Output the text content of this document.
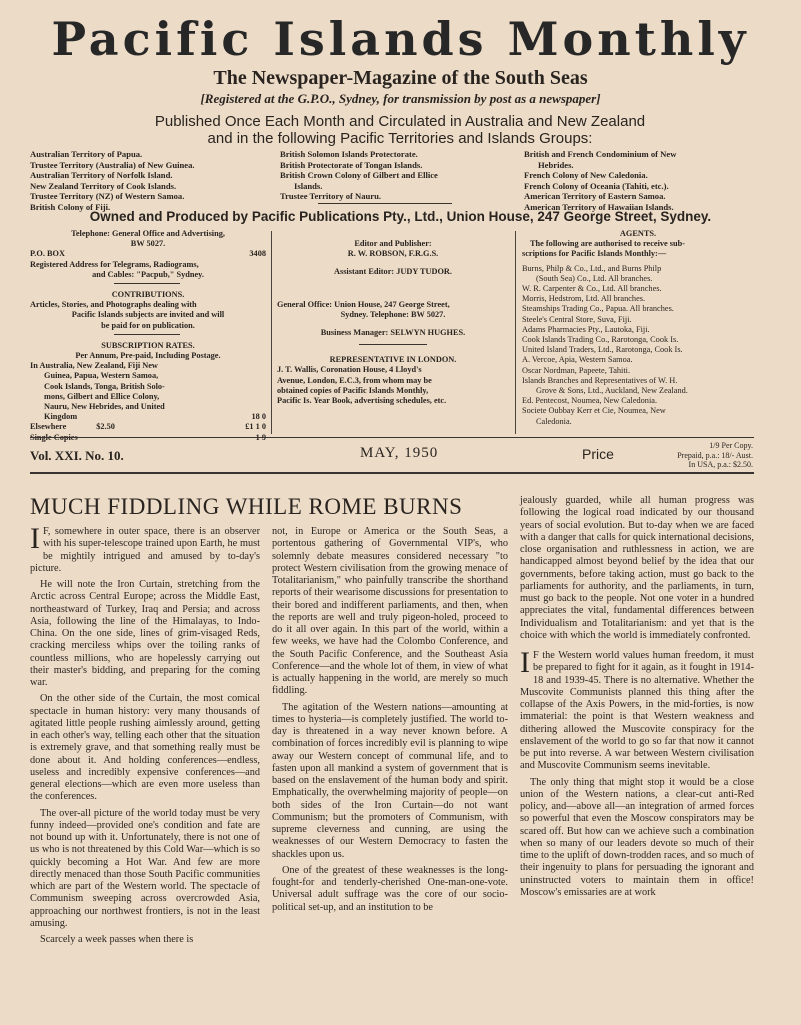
Pacific Islands Monthly
The Newspaper-Magazine of the South Seas
[Registered at the G.P.O., Sydney, for transmission by post as a newspaper]
Published Once Each Month and Circulated in Australia and New Zealand
and in the following Pacific Territories and Islands Groups:
Australian Territory of Papua.
Trustee Territory (Australia) of New Guinea.
Australian Territory of Norfolk Island.
New Zealand Territory of Cook Islands.
Trustee Territory (NZ) of Western Samoa.
British Colony of Fiji.
British Solomon Islands Protectorate.
British Protectorate of Tongan Islands.
British Crown Colony of Gilbert and Ellice
Islands.
Trustee Territory of Nauru.
British and French Condominium of New
Hebrides.
French Colony of New Caledonia.
French Colony of Oceania (Tahiti, etc.).
American Territory of Eastern Samoa.
American Territory of Hawaiian Islands.
Owned and Produced by Pacific Publications Pty., Ltd., Union House, 247 George Street, Sydney.
Telephone: General Office and Advertising,
BW 5027.
P.O. BOX	3408
Registered Address for Telegrams, Radiograms,
and Cables: "Pacpub," Sydney.
CONTRIBUTIONS.
Articles, Stories, and Photographs dealing with
Pacific Islands subjects are invited and will
be paid for on publication.
SUBSCRIPTION RATES.
Per Annum, Pre-paid, Including Postage.
In Australia, New Zealand, Fiji New
Guinea, Papua, Western Samoa,
Cook Islands, Tonga, British Solo-
mons, Gilbert and Ellice Colony,
Nauru, New Hebrides, and United
Kingdom	18 0
Elsewhere	$2.50	£1 1 0
Editor and Publisher:
R. W. ROBSON, F.R.G.S.
Assistant Editor: JUDY TUDOR.
General Office: Union House, 247 George Street,
Sydney. Telephone: BW 5027.
Business Manager: SELWYN HUGHES.
REPRESENTATIVE IN LONDON.
J. T. Wallis, Coronation House, 4 Lloyd's
Avenue, London, E.C.3, from whom may be
obtained copies of Pacific Islands Monthly,
Pacific Is. Year Book, advertising schedules, etc.
AGENTS.
The following are authorised to receive sub-
scriptions for Pacific Islands Monthly:—
Burns, Philp & Co., Ltd., and Burns Philp
(South Sea) Co., Ltd. All branches.
W. R. Carpenter & Co., Ltd. All branches.
Morris, Hedstrom, Ltd. All branches.
Steamships Trading Co., Papua. All branches.
Steele's Central Store, Suva, Fiji.
Adams Pharmacies Pty., Lautoka, Fiji.
Cook Islands Trading Co., Rarotonga, Cook Is.
United Island Traders, Ltd., Rarotonga, Cook Is.
A. Vercoe, Apia, Western Samoa.
Oscar Nordman, Papeete, Tahiti.
Islands Branches and Representatives of W. H.
Grove & Sons, Ltd., Auckland, New Zealand.
Ed. Pentecost, Noumea, New Caledonia.
Societe Oubbay Kerr et Cie, Noumea, New
Caledonia.
Vol. XXI. No. 10.	MAY, 1950	Price
1/9 Per Copy.
Prepaid, p.a.: 18/- Aust.
In USA, p.a.: $2.50.
MUCH FIDDLING WHILE ROME BURNS

I F, somewhere in outer space, there is an observer with his super-telescope trained upon Earth, he must be mightily intrigued and amused by to-day's picture.

He will note the Iron Curtain, stretching from the Arctic across Central Europe; across the Middle East, northeastward of Turkey, Iraq and Persia; and across Asia, following the line of the Himalayas, to Indo-China. On the one side, lines of grim-visaged Reds, cracking merciless whips over the toiling ranks of countless millions, who are hopelessly carrying out their master's bidding, and preparing for the coming war.

On the other side of the Curtain, the most comical spectacle in human history: very many thousands of agitated little people rushing aimlessly around, getting in each other's way, telling each other that the situation is extremely grave, and that something really must be done about it. And holding conferences—endless, useless and incredibly expensive conferences—and general elections—which are even more useless than the conferences.

The over-all picture of the world today must be very funny indeed—provided one's condition and fate are not bound up with it. Unfortunately, there is not one of us who is not threatened by this Cold War—which is so quickly becoming a Hot War. And few are more directly menaced than those South Pacific communities which are part of the Western world. The spectacle of Communism sweeping across overcrowded Asia, approaching our northwest frontiers, is not in the least amusing.

Scarcely a week passes when there is

not, in Europe or America or the South Seas, a portentous gathering of Governmental VIP's, who solemnly debate measures considered necessary "to protect Western civilisation from the growing menace of Totalitarianism," who painfully transcribe the shorthand reports of their wearisome discussions for presentation to their bored and indifferent parliaments, and then, when the reports are well and truly pigeon-holed, proceed to do it all over again. In this part of the world, within a few weeks, we have had the Colombo Conference, and the South Pacific Conference, and the Southeast Asia Conference—and the whole lot of them, in view of what is actually happening in the world, are merely so much fiddling.

The agitation of the Western nations—amounting at times to hysteria—is completely justified. The world to-day is threatened in a way never known before. A combination of forces incredibly evil is planning to wipe away our Western concept of communal life, and to fasten upon all mankind a system of government that is based on the enslavement of the human body and spirit. Emphatically, the overwhelming majority of people—on both sides of the Iron Curtain—do not want Communism; but the promoters of Communism, with supreme cleverness and cunning, are using the weaknesses of our Western Democracy to fasten the shackles upon us.

One of the greatest of these weaknesses is the long-fought-for and tenderly-cherished One-man-one-vote. Universal adult suffrage was the core of our socio-political set-up, and an institution to be

jealously guarded, while all human progress was following the logical road indicated by our thousand years of social evolution. But to-day when we are faced with a danger that calls for quick international decisions, close organisation and ruthlessness in action, we are handicapped almost beyond belief by the idea that our governments, before taking action, must go back to the parliaments for authority, and the parliaments, in turn, must go back to the people. Not one voter in a hundred appreciates the vital, fundamental differences between Individualism and Totalitarianism: and yet that is the choice with which the world is immediately confronted.

I F the Western world values human freedom, it must be prepared to fight for it again, as it fought in 1914-18 and 1939-45. There is no alternative. Whether the Muscovite Communists planned this thing after the collapse of the Axis Powers, in the mid-forties, is now immaterial: the point is that Western weakness and dithering allowed the Muscovite conspiracy for the enslavement of the world to go so far that now it cannot be put into reverse. A war between Western civilisation and Muscovite Communism seems inevitable.

The only thing that might stop it would be a close union of the Western nations, a clear-cut anti-Red policy, and—above all—an integration of armed forces so powerful that even the Moscow conspirators may be scared off. But how can we achieve such a combination when so many of our leaders devote so much of their time to the uplift of down-trodden races, and so much of their ingenuity to plans for persuading the ignorant and uninstructed voters to maintain them in office! Moscow's emissaries are at work
